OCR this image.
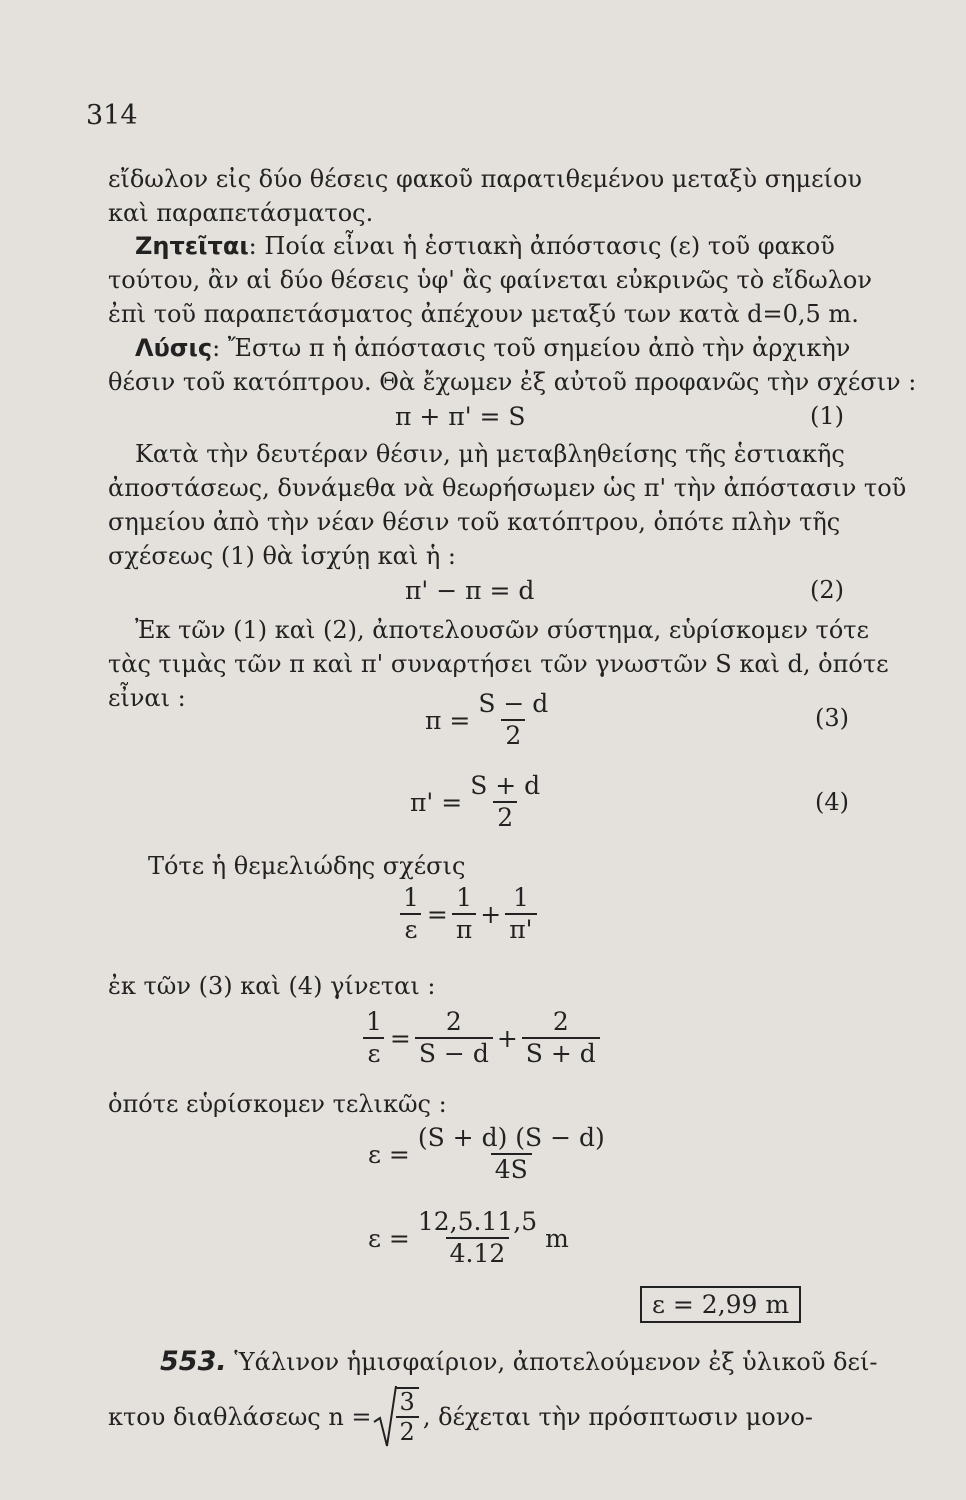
314
εἴδωλον εἰς δύο θέσεις φακοῦ παρατιθεμένου μεταξὺ σημείου
καὶ παραπετάσματος.
Ζητεῖται: Ποία εἶναι ἡ ἑστιακὴ ἀπόστασις (ε) τοῦ φακοῦ
τούτου, ἂν αἱ δύο θέσεις ὑφ' ἃς φαίνεται εὐκρινῶς τὸ εἴδωλον
ἐπὶ τοῦ παραπετάσματος ἀπέχουν μεταξύ των κατὰ d=0,5 m.
Λύσις: Ἔστω π ἡ ἀπόστασις τοῦ σημείου ἀπὸ τὴν ἀρχικὴν
θέσιν τοῦ κατόπτρου. Θὰ ἔχωμεν ἐξ αὐτοῦ προφανῶς τὴν σχέσιν :
π + π' = S	(1)
Κατὰ τὴν δευτέραν θέσιν, μὴ μεταβληθείσης τῆς ἑστιακῆς
ἀποστάσεως, δυνάμεθα νὰ θεωρήσωμεν ὡς π' τὴν ἀπόστασιν τοῦ
σημείου ἀπὸ τὴν νέαν θέσιν τοῦ κατόπτρου, ὁπότε πλὴν τῆς
σχέσεως (1) θὰ ἰσχύῃ καὶ ἡ :
π' − π = d	(2)
Ἐκ τῶν (1) καὶ (2), ἀποτελουσῶν σύστημα, εὑρίσκομεν τότε
τὰς τιμὰς τῶν π καὶ π' συναρτήσει τῶν γνωστῶν S καὶ d, ὁπότε
εἶναι :
$\pi = \frac{S - d}{2}$	(3)
$\pi' = \frac{S + d}{2}$	(4)
Τότε ἡ θεμελιώδης σχέσις
$\frac{1}{\varepsilon} = \frac{1}{\pi} + \frac{1}{\pi'}$
ἐκ τῶν (3) καὶ (4) γίνεται :
$\frac{1}{\varepsilon} = \frac{2}{S - d} + \frac{2}{S + d}$
ὁπότε εὑρίσκομεν τελικῶς :
$\varepsilon = \frac{(S + d) (S - d)}{4S}$
$\varepsilon = \frac{12,5.11,5}{4.12}$ m
ε = 2,99 m
553. Ὑάλινον ἡμισφαίριον, ἀποτελούμενον ἐξ ὑλικοῦ δεί-
κτου διαθλάσεως $n = \frac{3}{2}$ , δέχεται τὴν πρόσπτωσιν μονο-
